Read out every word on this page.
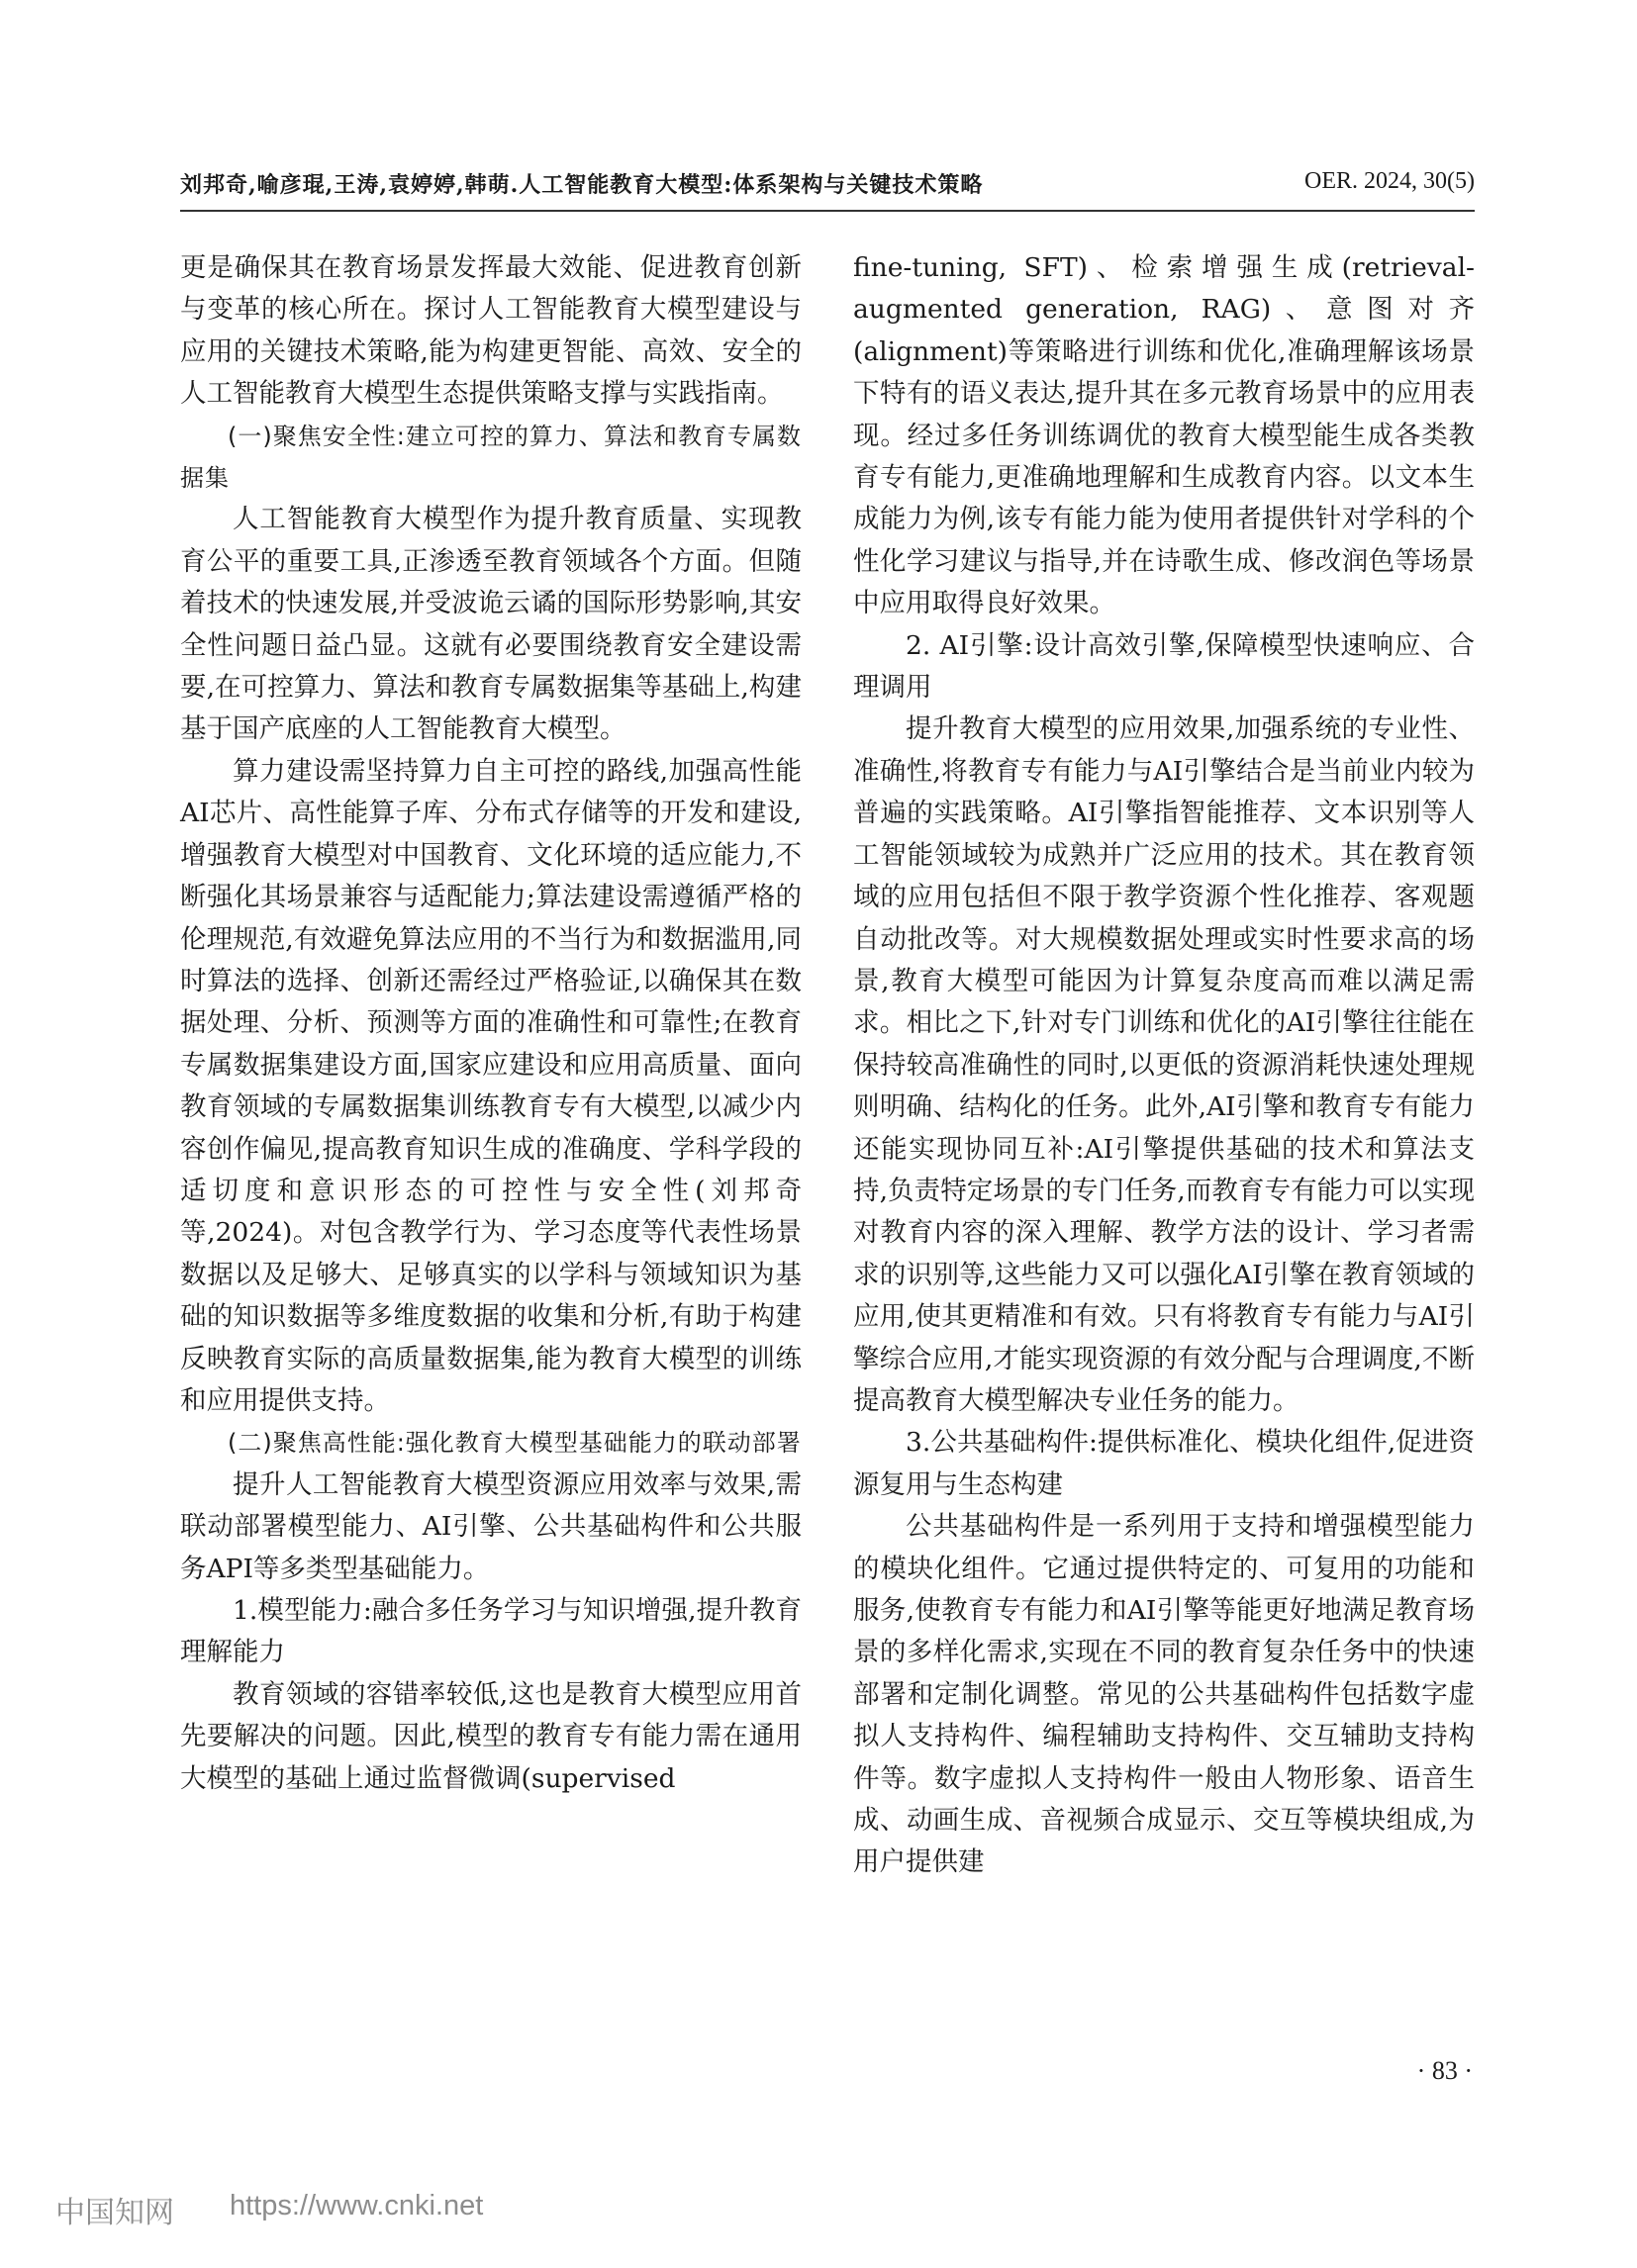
刘邦奇,喻彦琨,王涛,袁婷婷,韩萌.人工智能教育大模型:体系架构与关键技术策略	OER. 2024, 30(5)

更是确保其在教育场景发挥最大效能、促进教育创新与变革的核心所在。探讨人工智能教育大模型建设与应用的关键技术策略,能为构建更智能、高效、安全的人工智能教育大模型生态提供策略支撑与实践指南。

(一)聚焦安全性:建立可控的算力、算法和教育专属数据集

人工智能教育大模型作为提升教育质量、实现教育公平的重要工具,正渗透至教育领域各个方面。但随着技术的快速发展,并受波诡云谲的国际形势影响,其安全性问题日益凸显。这就有必要围绕教育安全建设需要,在可控算力、算法和教育专属数据集等基础上,构建基于国产底座的人工智能教育大模型。

算力建设需坚持算力自主可控的路线,加强高性能AI芯片、高性能算子库、分布式存储等的开发和建设,增强教育大模型对中国教育、文化环境的适应能力,不断强化其场景兼容与适配能力;算法建设需遵循严格的伦理规范,有效避免算法应用的不当行为和数据滥用,同时算法的选择、创新还需经过严格验证,以确保其在数据处理、分析、预测等方面的准确性和可靠性;在教育专属数据集建设方面,国家应建设和应用高质量、面向教育领域的专属数据集训练教育专有大模型,以减少内容创作偏见,提高教育知识生成的准确度、学科学段的适切度和意识形态的可控性与安全性(刘邦奇等,2024)。对包含教学行为、学习态度等代表性场景数据以及足够大、足够真实的以学科与领域知识为基础的知识数据等多维度数据的收集和分析,有助于构建反映教育实际的高质量数据集,能为教育大模型的训练和应用提供支持。

(二)聚焦高性能:强化教育大模型基础能力的联动部署

提升人工智能教育大模型资源应用效率与效果,需联动部署模型能力、AI引擎、公共基础构件和公共服务API等多类型基础能力。

1.模型能力:融合多任务学习与知识增强,提升教育理解能力

教育领域的容错率较低,这也是教育大模型应用首先要解决的问题。因此,模型的教育专有能力需在通用大模型的基础上通过监督微调(supervised

fine-tuning, SFT)、检索增强生成(retrieval-augmented generation, RAG)、意图对齐(alignment)等策略进行训练和优化,准确理解该场景下特有的语义表达,提升其在多元教育场景中的应用表现。经过多任务训练调优的教育大模型能生成各类教育专有能力,更准确地理解和生成教育内容。以文本生成能力为例,该专有能力能为使用者提供针对学科的个性化学习建议与指导,并在诗歌生成、修改润色等场景中应用取得良好效果。

2. AI引擎:设计高效引擎,保障模型快速响应、合理调用

提升教育大模型的应用效果,加强系统的专业性、准确性,将教育专有能力与AI引擎结合是当前业内较为普遍的实践策略。AI引擎指智能推荐、文本识别等人工智能领域较为成熟并广泛应用的技术。其在教育领域的应用包括但不限于教学资源个性化推荐、客观题自动批改等。对大规模数据处理或实时性要求高的场景,教育大模型可能因为计算复杂度高而难以满足需求。相比之下,针对专门训练和优化的AI引擎往往能在保持较高准确性的同时,以更低的资源消耗快速处理规则明确、结构化的任务。此外,AI引擎和教育专有能力还能实现协同互补:AI引擎提供基础的技术和算法支持,负责特定场景的专门任务,而教育专有能力可以实现对教育内容的深入理解、教学方法的设计、学习者需求的识别等,这些能力又可以强化AI引擎在教育领域的应用,使其更精准和有效。只有将教育专有能力与AI引擎综合应用,才能实现资源的有效分配与合理调度,不断提高教育大模型解决专业任务的能力。

3.公共基础构件:提供标准化、模块化组件,促进资源复用与生态构建

公共基础构件是一系列用于支持和增强模型能力的模块化组件。它通过提供特定的、可复用的功能和服务,使教育专有能力和AI引擎等能更好地满足教育场景的多样化需求,实现在不同的教育复杂任务中的快速部署和定制化调整。常见的公共基础构件包括数字虚拟人支持构件、编程辅助支持构件、交互辅助支持构件等。数字虚拟人支持构件一般由人物形象、语音生成、动画生成、音视频合成显示、交互等模块组成,为用户提供建

· 83 ·
中国知网 https://www.cnki.net
